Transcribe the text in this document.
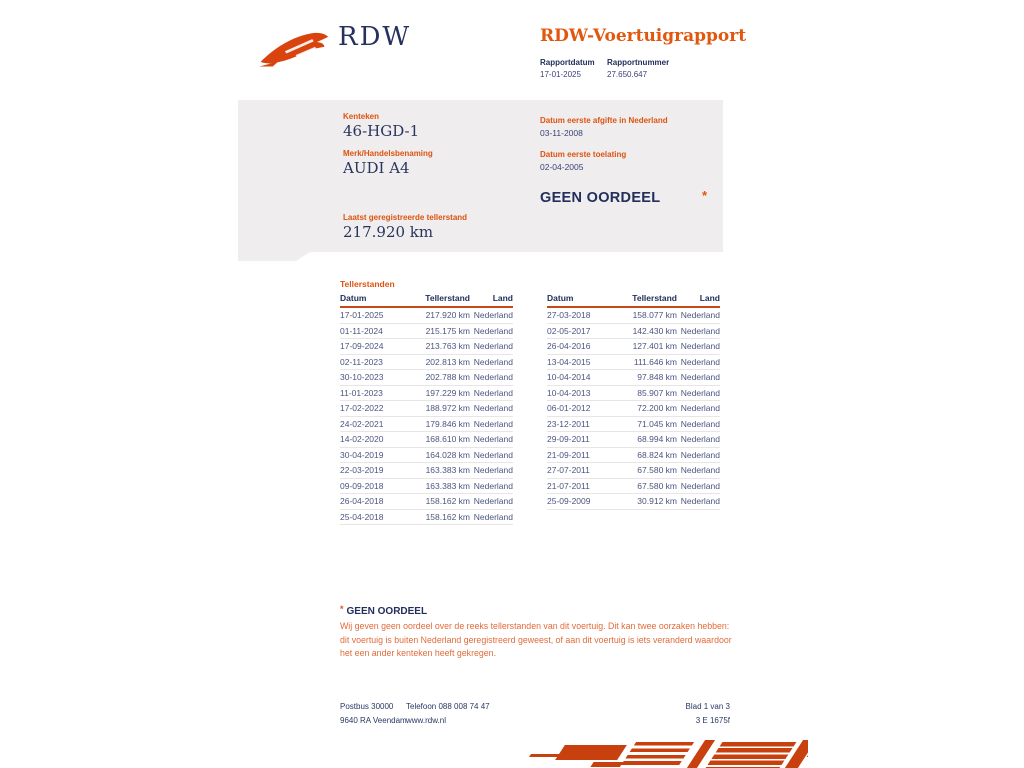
RDW	RDW-Voertuigrapport
Rapportdatum Rapportnummer
17-01-2025	27.650.647
Kenteken
46-HGD-1
Merk/Handelsbenaming
AUDI A4
Laatst geregistreerde tellerstand
217.920 km
Datum eerste afgifte in Nederland
03-11-2008
Datum eerste toelating
02-04-2005
GEEN OORDEEL	*
Tellerstanden
Datum	Tellerstand	Land
17-01-2025	217.920 km	Nederland
01-11-2024	215.175 km	Nederland
17-09-2024	213.763 km	Nederland
02-11-2023	202.813 km	Nederland
30-10-2023	202.788 km	Nederland
11-01-2023	197.229 km	Nederland
17-02-2022	188.972 km	Nederland
24-02-2021	179.846 km	Nederland
14-02-2020	168.610 km	Nederland
30-04-2019	164.028 km	Nederland
22-03-2019	163.383 km	Nederland
09-09-2018	163.383 km	Nederland
26-04-2018	158.162 km	Nederland
25-04-2018	158.162 km	Nederland
Datum	Tellerstand	Land
27-03-2018	158.077 km	Nederland
02-05-2017	142.430 km	Nederland
26-04-2016	127.401 km	Nederland
13-04-2015	111.646 km	Nederland
10-04-2014	97.848 km	Nederland
10-04-2013	85.907 km	Nederland
06-01-2012	72.200 km	Nederland
23-12-2011	71.045 km	Nederland
29-09-2011	68.994 km	Nederland
21-09-2011	68.824 km	Nederland
27-07-2011	67.580 km	Nederland
21-07-2011	67.580 km	Nederland
25-09-2009	30.912 km	Nederland
* GEEN OORDEEL
Wij geven geen oordeel over de reeks tellerstanden van dit voertuig. Dit kan twee oorzaken hebben: dit voertuig is buiten Nederland geregistreerd geweest, of aan dit voertuig is iets veranderd waardoor het een ander kenteken heeft gekregen.
Postbus 30000
9640 RA Veendam
Telefoon 088 008 74 47
www.rdw.nl
Blad 1 van 3
3 E 1675f
